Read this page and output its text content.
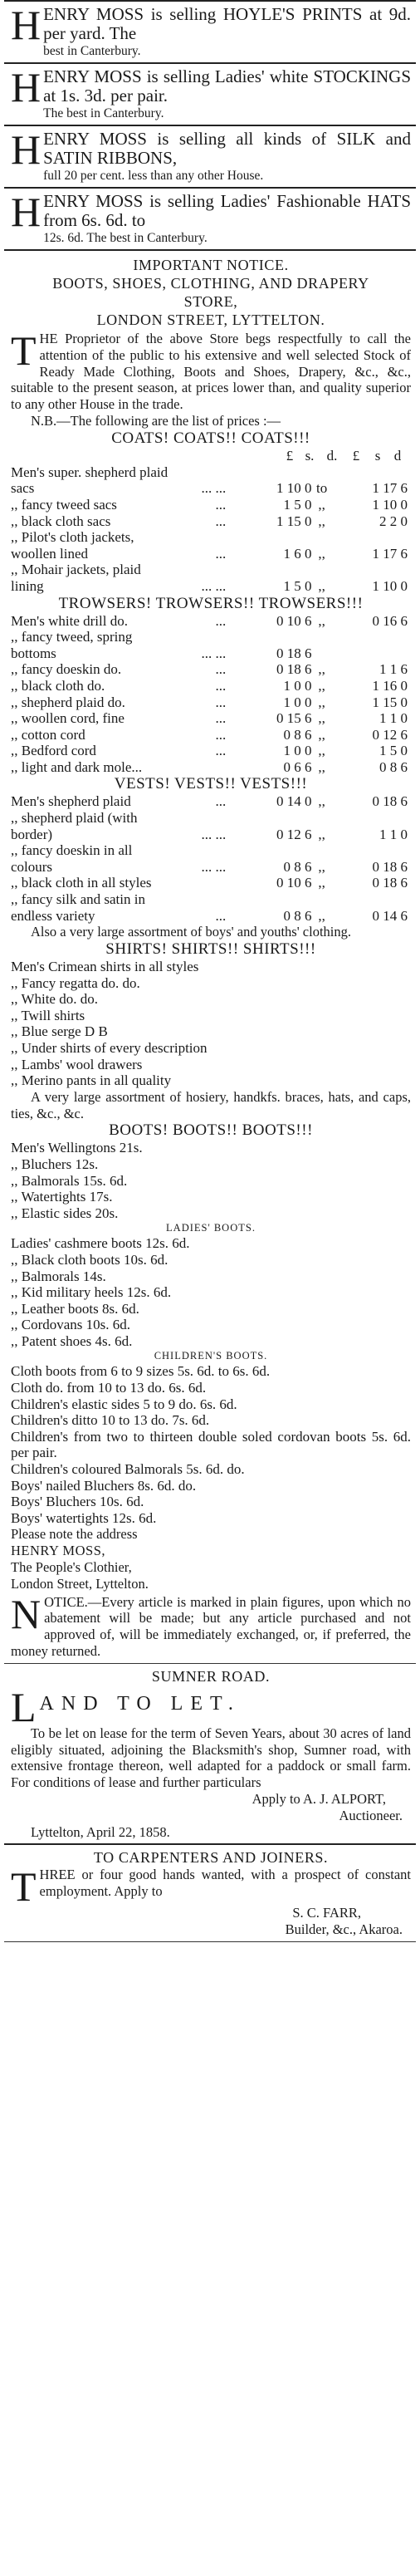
HENRY MOSS is selling HOYLE'S PRINTS at 9d. per yard. The

best in Canterbury.

HENRY MOSS is selling Ladies' white STOCKINGS at 1s. 3d. per pair.

The best in Canterbury.

HENRY MOSS is selling all kinds of SILK and SATIN RIBBONS,

full 20 per cent. less than any other House.

HENRY MOSS is selling Ladies' Fashionable HATS from 6s. 6d. to

12s. 6d. The best in Canterbury.

IMPORTANT NOTICE.

BOOTS, SHOES, CLOTHING, AND DRAPERY STORE,

LONDON STREET, LYTTELTON.

THE Proprietor of the above Store begs respectfully to call the attention of the public to his extensive and well selected Stock of Ready Made Clothing, Boots and Shoes, Drapery, &c., &c., suitable to the present season, at prices lower than, and quality superior to any other House in the trade.

N.B.—The following are the list of prices :—

COATS! COATS!! COATS!!!

£ s. d.	£	s d
Men's super. shepherd plaid				
sacs	... ...	1 10 0	to	1 17 6
,, fancy tweed sacs	...	1 5 0	,,	1 10 0
,, black cloth sacs	...	1 15 0	,,	2 2 0
,, Pilot's cloth jackets,				
woollen lined	...	1 6 0	,,	1 17 6
,, Mohair jackets, plaid				
lining	... ...	1 5 0	,,	1 10 0

TROWSERS! TROWSERS!! TROWSERS!!!

Men's white drill do.	...	0 10 6	,,	0 16 6
,, fancy tweed, spring				
bottoms	... ...	0 18 6		
,, fancy doeskin do.	...	0 18 6	,,	1 1 6
,, black cloth do.	...	1 0 0	,,	1 16 0
,, shepherd plaid do.	...	1 0 0	,,	1 15 0
,, woollen cord, fine	...	0 15 6	,,	1 1 0
,, cotton cord	...	0 8 6	,,	0 12 6
,, Bedford cord	...	1 0 0	,,	1 5 0
,, light and dark mole...		0 6 6	,,	0 8 6

VESTS! VESTS!! VESTS!!!

Men's shepherd plaid	...	0 14 0	,,	0 18 6
,, shepherd plaid (with				
border)	... ...	0 12 6	,,	1 1 0
,, fancy doeskin in all				
colours	... ...	0 8 6	,,	0 18 6
,, black cloth in all styles		0 10 6	,,	0 18 6
,, fancy silk and satin in				
endless variety	...	0 8 6	,,	0 14 6

Also a very large assortment of boys' and youths' clothing.

SHIRTS! SHIRTS!! SHIRTS!!!

Men's Crimean shirts in all styles

,, Fancy regatta do. do.

,, White do. do.

,, Twill shirts

,, Blue serge D B

,, Under shirts of every description

,, Lambs' wool drawers

,, Merino pants in all quality

A very large assortment of hosiery, handkfs. braces, hats, and caps, ties, &c., &c.

BOOTS! BOOTS!! BOOTS!!!

Men's Wellingtons 21s.

,, Bluchers 12s.

,, Balmorals 15s. 6d.

,, Watertights 17s.

,, Elastic sides 20s.

LADIES' BOOTS.

Ladies' cashmere boots 12s. 6d.

,, Black cloth boots 10s. 6d.

,, Balmorals 14s.

,, Kid military heels 12s. 6d.

,, Leather boots 8s. 6d.

,, Cordovans 10s. 6d.

,, Patent shoes 4s. 6d.

CHILDREN'S BOOTS.

Cloth boots from 6 to 9 sizes 5s. 6d. to 6s. 6d.

Cloth do. from 10 to 13 do. 6s. 6d.

Children's elastic sides 5 to 9 do. 6s. 6d.

Children's ditto 10 to 13 do. 7s. 6d.

Children's from two to thirteen double soled cordovan boots 5s. 6d. per pair.

Children's coloured Balmorals 5s. 6d. do.

Boys' nailed Bluchers 8s. 6d. do.

Boys' Bluchers 10s. 6d.

Boys' watertights 12s. 6d.

Please note the address

HENRY MOSS,

The People's Clothier,

London Street, Lyttelton.

NOTICE.—Every article is marked in plain figures, upon which no abatement will be made; but any article purchased and not approved of, will be immediately exchanged, or, if preferred, the money returned.

SUMNER ROAD.

LAND TO LET.

To be let on lease for the term of Seven Years, about 30 acres of land eligibly situated, adjoining the Blacksmith's shop, Sumner road, with extensive frontage thereon, well adapted for a paddock or small farm. For conditions of lease and further particulars

Apply to A. J. ALPORT,

Auctioneer.

Lyttelton, April 22, 1858.

TO CARPENTERS AND JOINERS.

THREE or four good hands wanted, with a prospect of constant employment. Apply to

S. C. FARR,

Builder, &c., Akaroa.
